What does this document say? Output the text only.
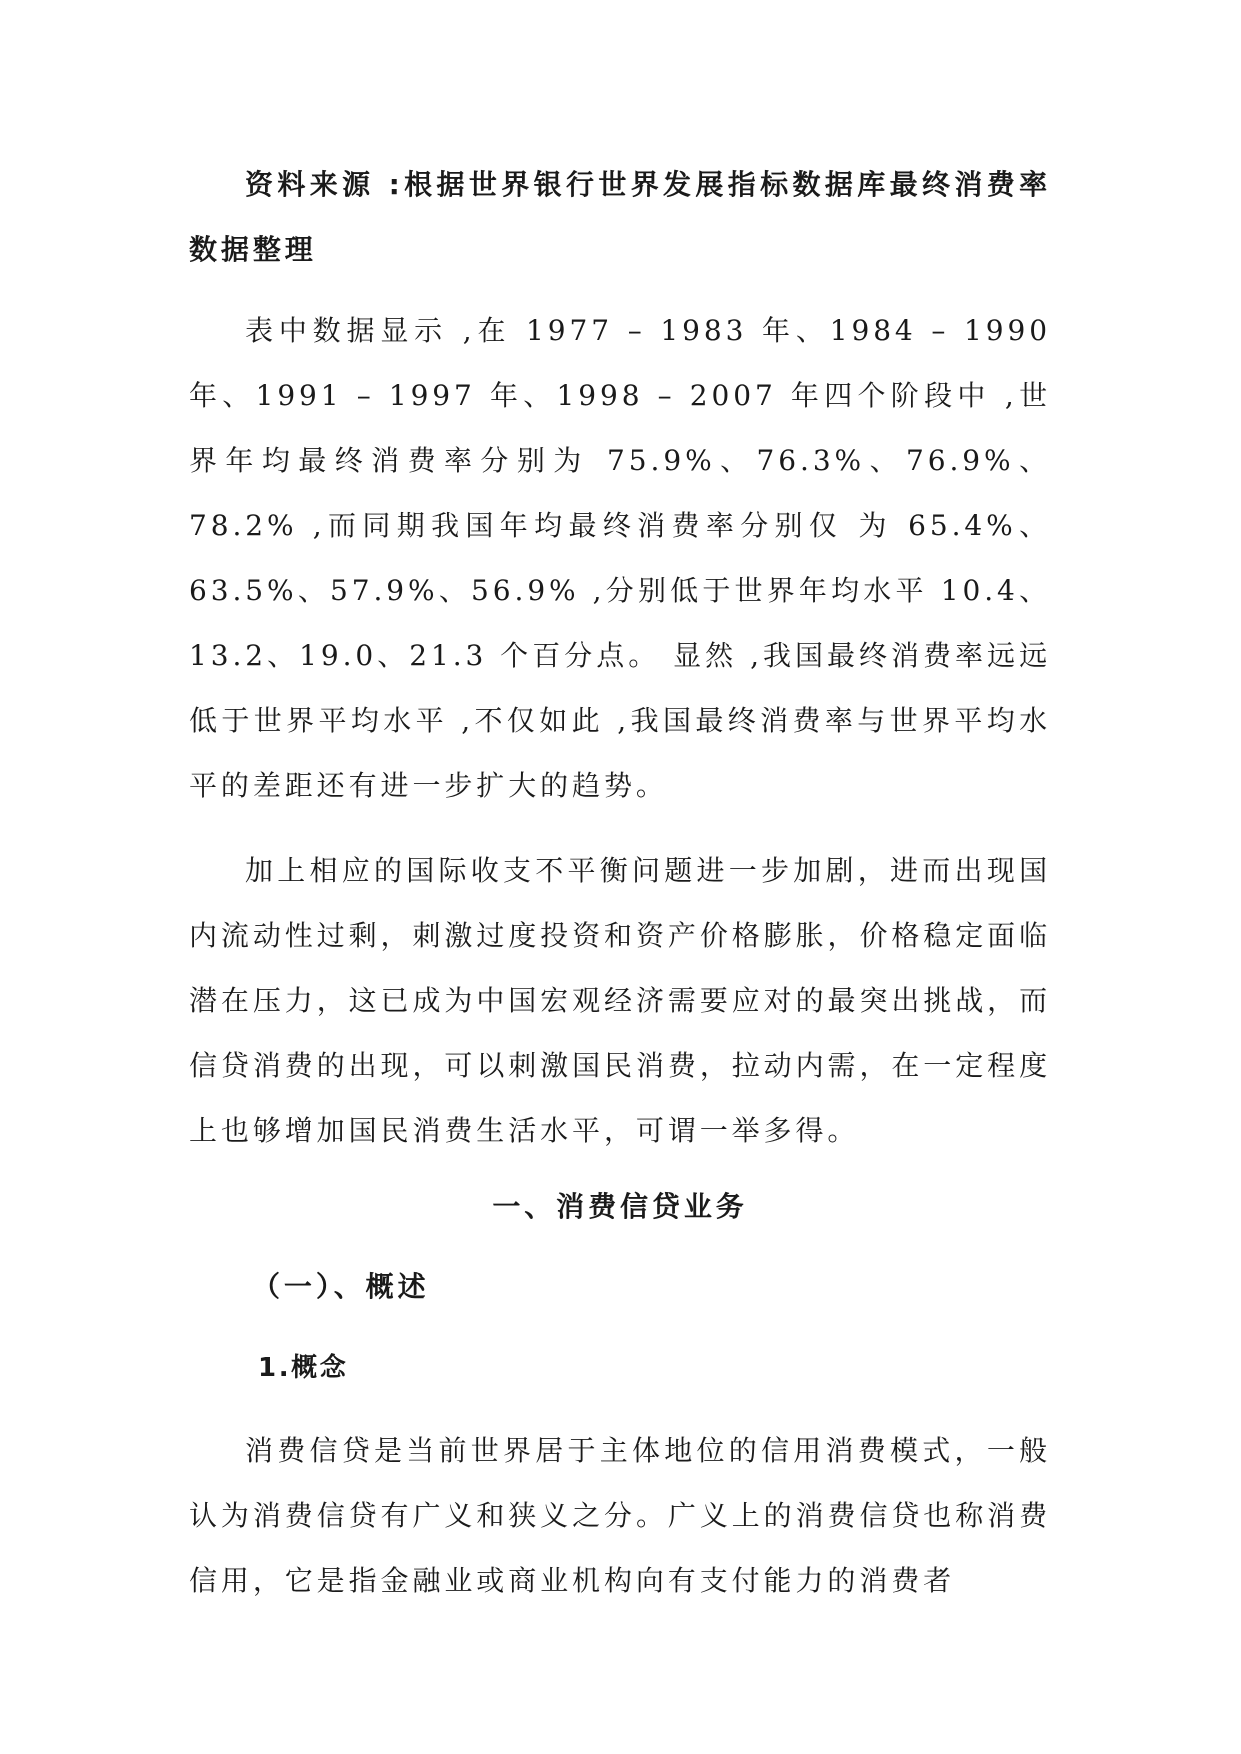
资料来源 :根据世界银行世界发展指标数据库最终消费率数据整理

表中数据显示 ,在 1977 – 1983 年、1984 – 1990 年、1991 – 1997 年、1998 – 2007 年四个阶段中 ,世界年均最终消费率分别为 75.9%、76.3%、76.9%、78.2% ,而同期我国年均最终消费率分别仅 为 65.4%、63.5%、57.9%、56.9% ,分别低于世界年均水平 10.4、 13.2、19.0、21.3 个百分点。 显然 ,我国最终消费率远远低于世界平均水平 ,不仅如此 ,我国最终消费率与世界平均水平的差距还有进一步扩大的趋势。

加上相应的国际收支不平衡问题进一步加剧，进而出现国内流动性过剩，刺激过度投资和资产价格膨胀，价格稳定面临潜在压力，这已成为中国宏观经济需要应对的最突出挑战，而信贷消费的出现，可以刺激国民消费，拉动内需，在一定程度上也够增加国民消费生活水平，可谓一举多得。

一、消费信贷业务
（一）、概述
1.概念

消费信贷是当前世界居于主体地位的信用消费模式，一般认为消费信贷有广义和狭义之分。广义上的消费信贷也称消费信用，它是指金融业或商业机构向有支付能力的消费者
